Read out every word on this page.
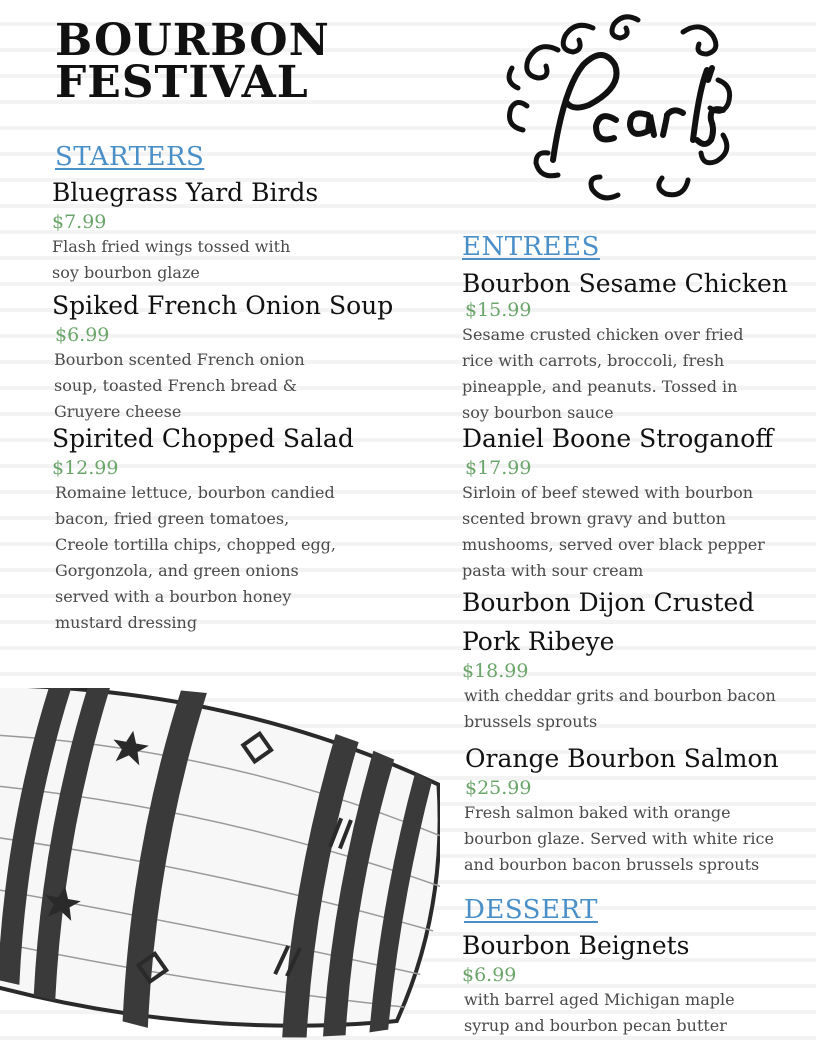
BOURBON
FESTIVAL
STARTERS
Bluegrass Yard Birds
$7.99
Flash fried wings tossed with
soy bourbon glaze
Spiked French Onion Soup
$6.99
Bourbon scented French onion
soup, toasted French bread &
Gruyere cheese
Spirited Chopped Salad
$12.99
Romaine lettuce, bourbon candied
bacon, fried green tomatoes,
Creole tortilla chips, chopped egg,
Gorgonzola, and green onions
served with a bourbon honey
mustard dressing
ENTREES
Bourbon Sesame Chicken
$15.99
Sesame crusted chicken over fried
rice with carrots, broccoli, fresh
pineapple, and peanuts. Tossed in
soy bourbon sauce
Daniel Boone Stroganoff
$17.99
Sirloin of beef stewed with bourbon
scented brown gravy and button
mushooms, served over black pepper
pasta with sour cream
Bourbon Dijon Crusted
Pork Ribeye
$18.99
with cheddar grits and bourbon bacon
brussels sprouts
Orange Bourbon Salmon
$25.99
Fresh salmon baked with orange
bourbon glaze. Served with white rice
and bourbon bacon brussels sprouts
DESSERT
Bourbon Beignets
$6.99
with barrel aged Michigan maple
syrup and bourbon pecan butter
